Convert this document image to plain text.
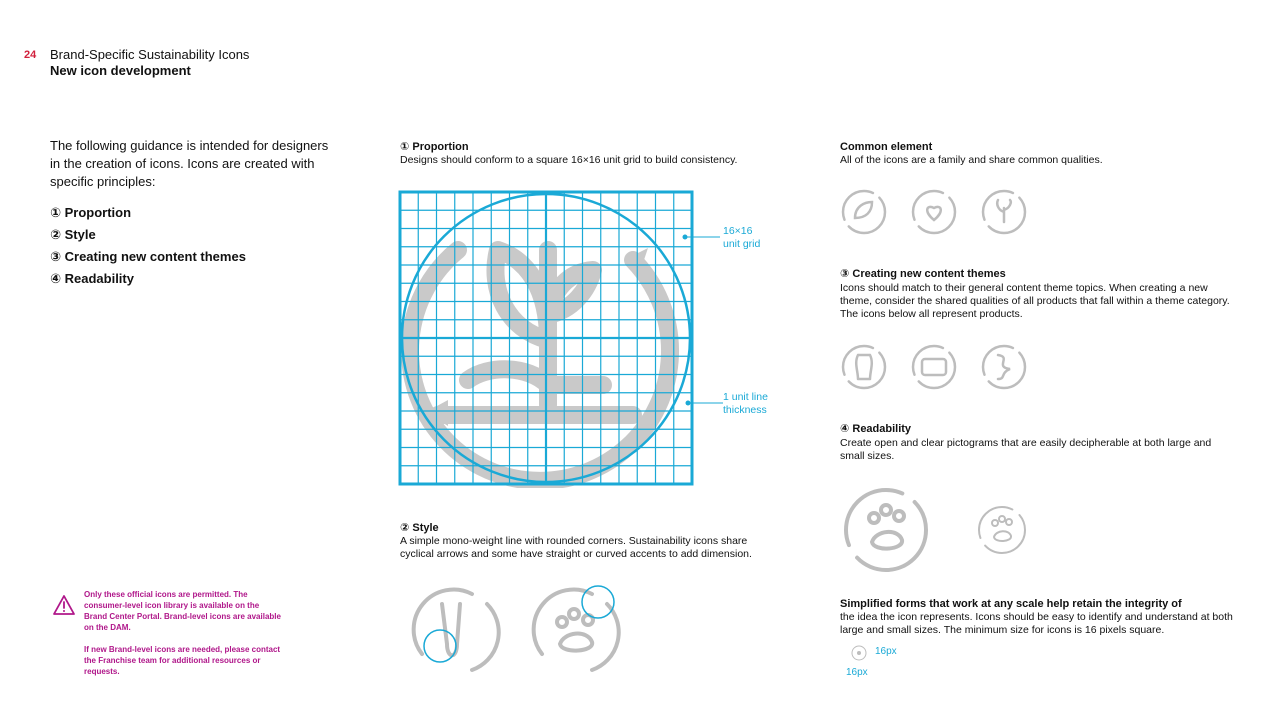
24 Brand-Specific Sustainability Icons
New icon development
The following guidance is intended for designers in the creation of icons. Icons are created with specific principles:
① Proportion
② Style
③ Creating new content themes
④ Readability
① Proportion
Designs should conform to a square 16×16 unit grid to build consistency.
16×16
unit grid
1 unit line
thickness
② Style
A simple mono-weight line with rounded corners. Sustainability icons share cyclical arrows and some have straight or curved accents to add dimension.
Common element
All of the icons are a family and share common qualities.
③ Creating new content themes
Icons should match to their general content theme topics. When creating a new theme, consider the shared qualities of all products that fall within a theme category. The icons below all represent products.
④ Readability
Create open and clear pictograms that are easily decipherable at both large and small sizes.
Simplified forms that work at any scale help retain the integrity of
the idea the icon represents. Icons should be easy to identify and understand at both large and small sizes. The minimum size for icons is 16 pixels square.
16px
16px
Only these official icons are permitted. The consumer-level icon library is available on the Brand Center Portal. Brand-level icons are available on the DAM.
If new Brand-level icons are needed, please contact the Franchise team for additional resources or requests.
